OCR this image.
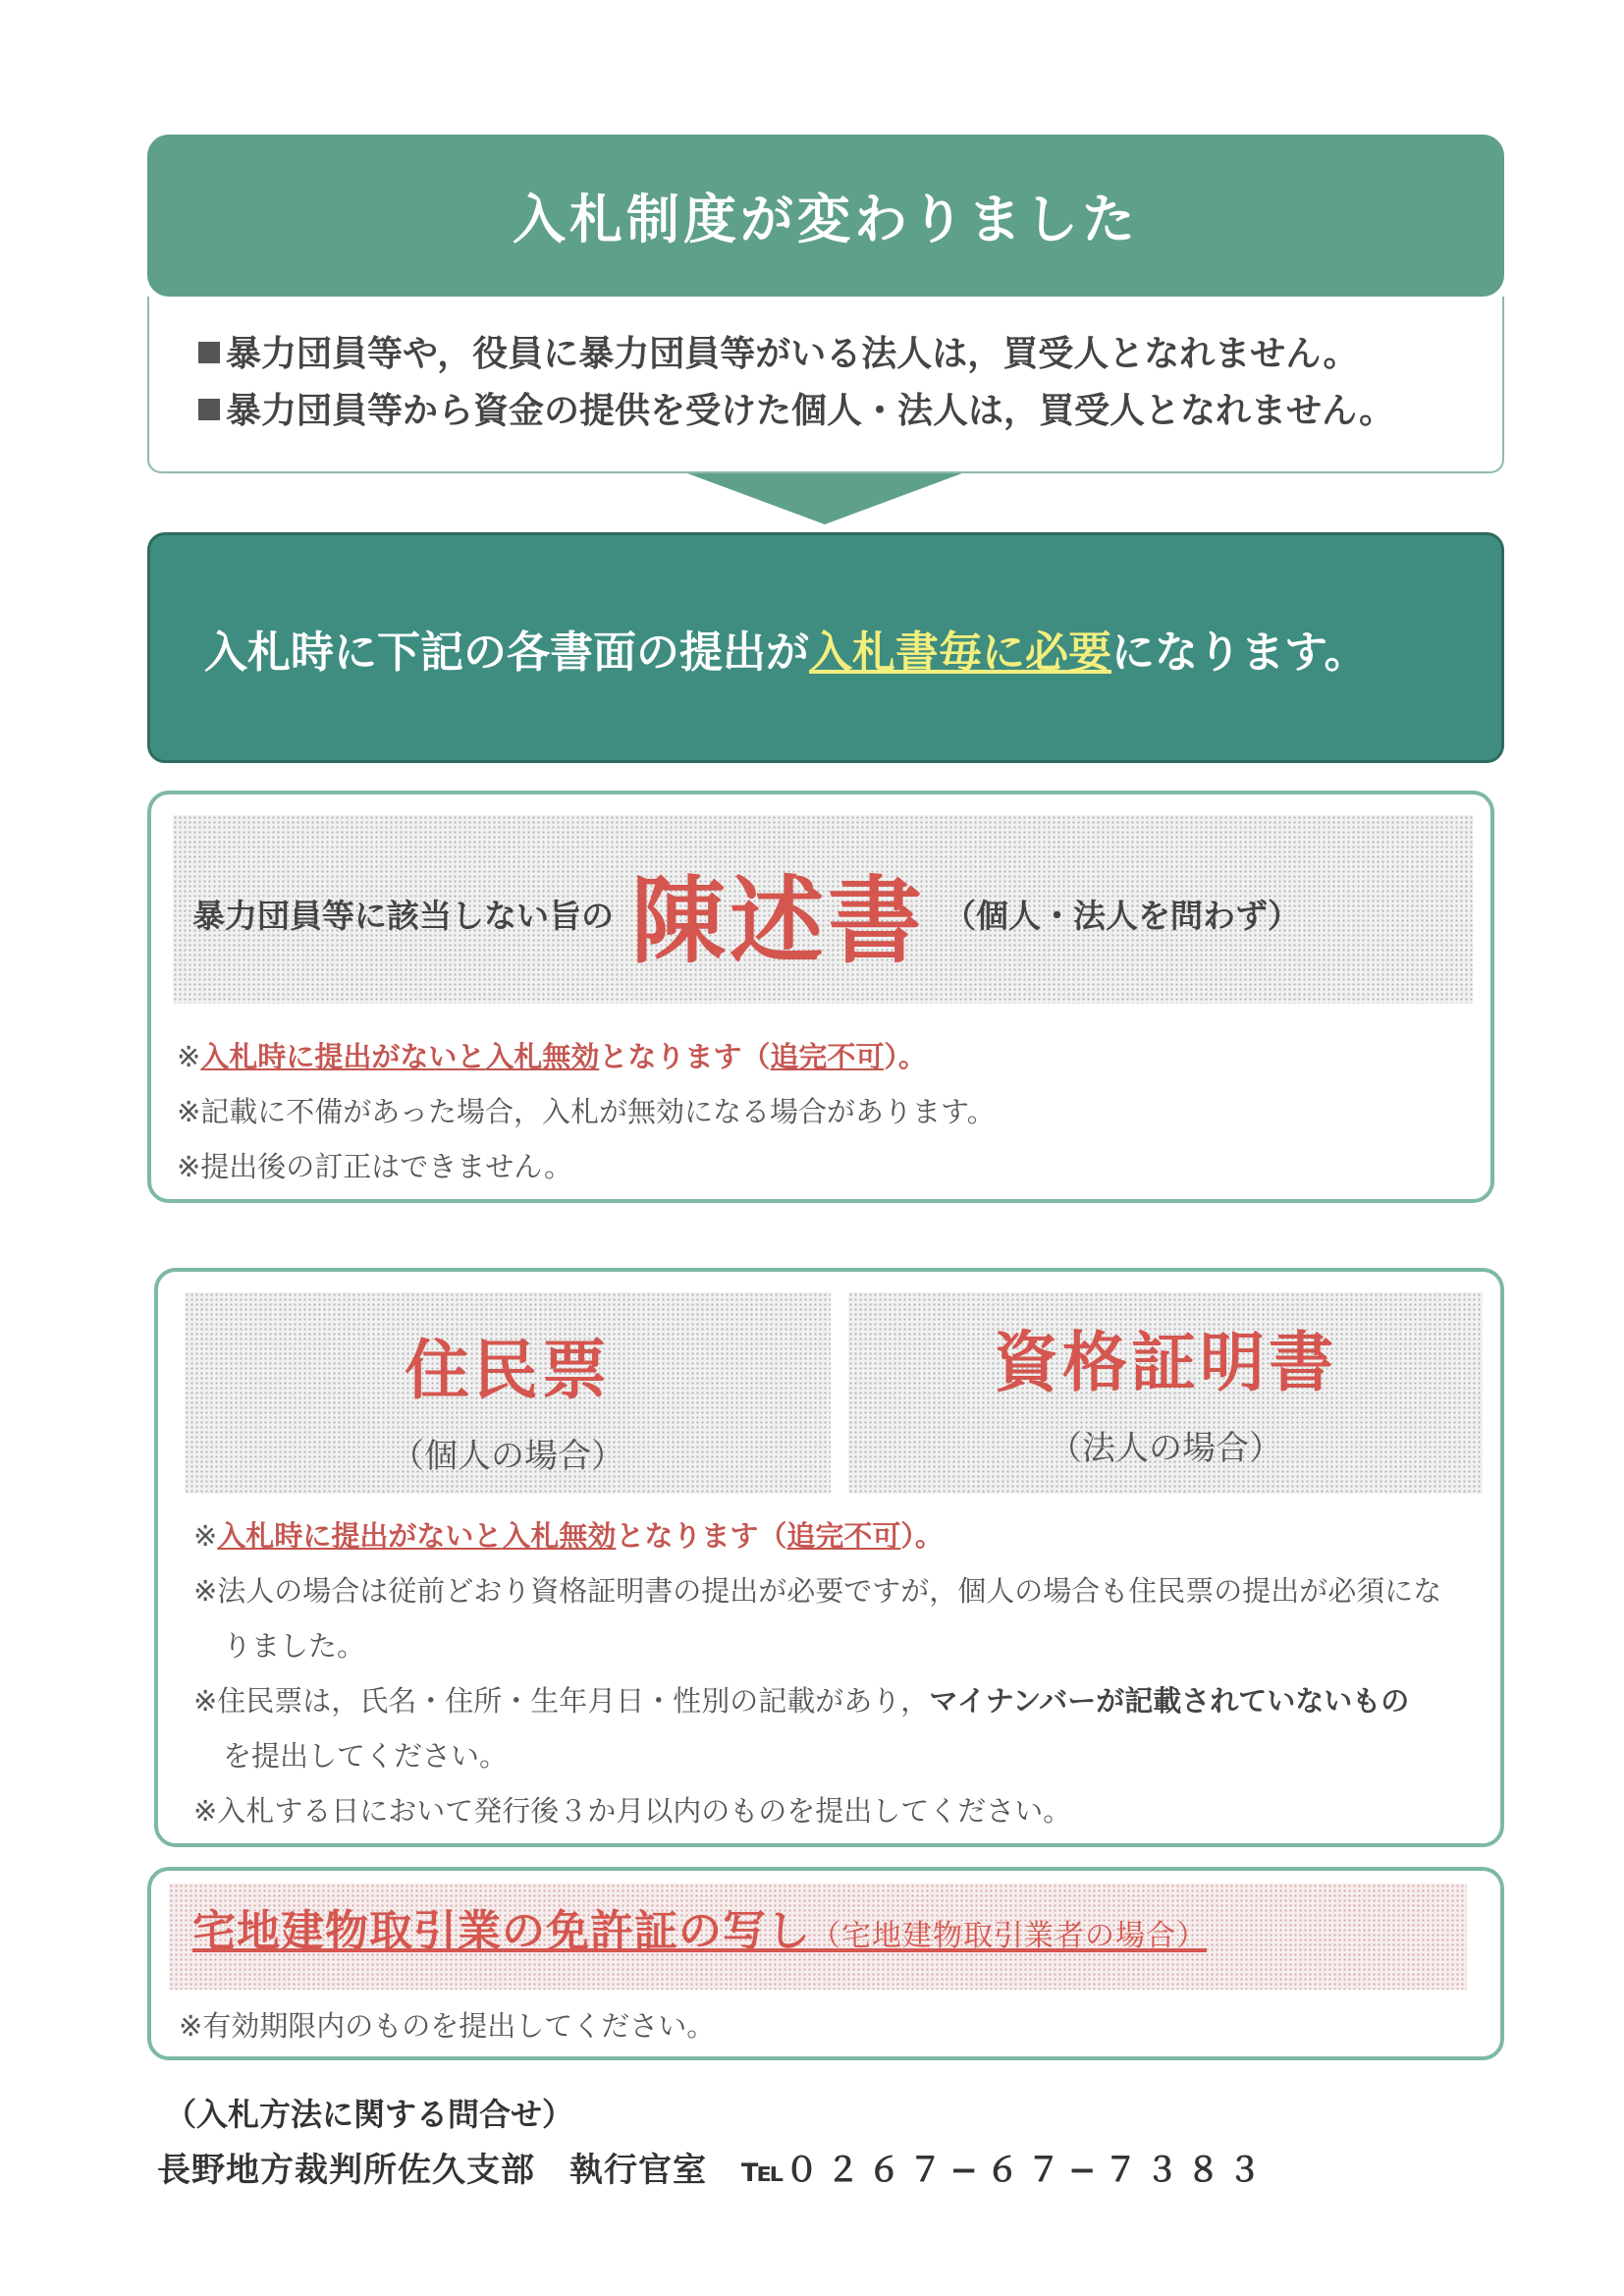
入札制度が変わりました
暴力団員等や，役員に暴力団員等がいる法人は，買受人となれません。
暴力団員等から資金の提供を受けた個人・法人は，買受人となれません。
入札時に下記の各書面の提出が 入札書毎に必要 になります。
暴力団員等に該当しない旨の 陳述書 （個人・法人を問わず）
※入札時に提出がないと入札無効となります（追完不可）。
※記載に不備があった場合，入札が無効になる場合があります。
※提出後の訂正はできません。
住民票
（個人の場合）
資格証明書
（法人の場合）
※入札時に提出がないと入札無効となります（追完不可）。
※法人の場合は従前どおり資格証明書の提出が必要ですが，個人の場合も住民票の提出が必須にな
りました。
※住民票は，氏名・住所・生年月日・性別の記載があり，マイナンバーが記載されていないもの
を提出してください。
※入札する日において発行後３か月以内のものを提出してください。
宅地建物取引業の免許証の写し（宅地建物取引業者の場合）
※有効期限内のものを提出してください。
（入札方法に関する問合せ）
長野地方裁判所佐久支部　執行官室　 ℡０２６７−６７−７３８３
